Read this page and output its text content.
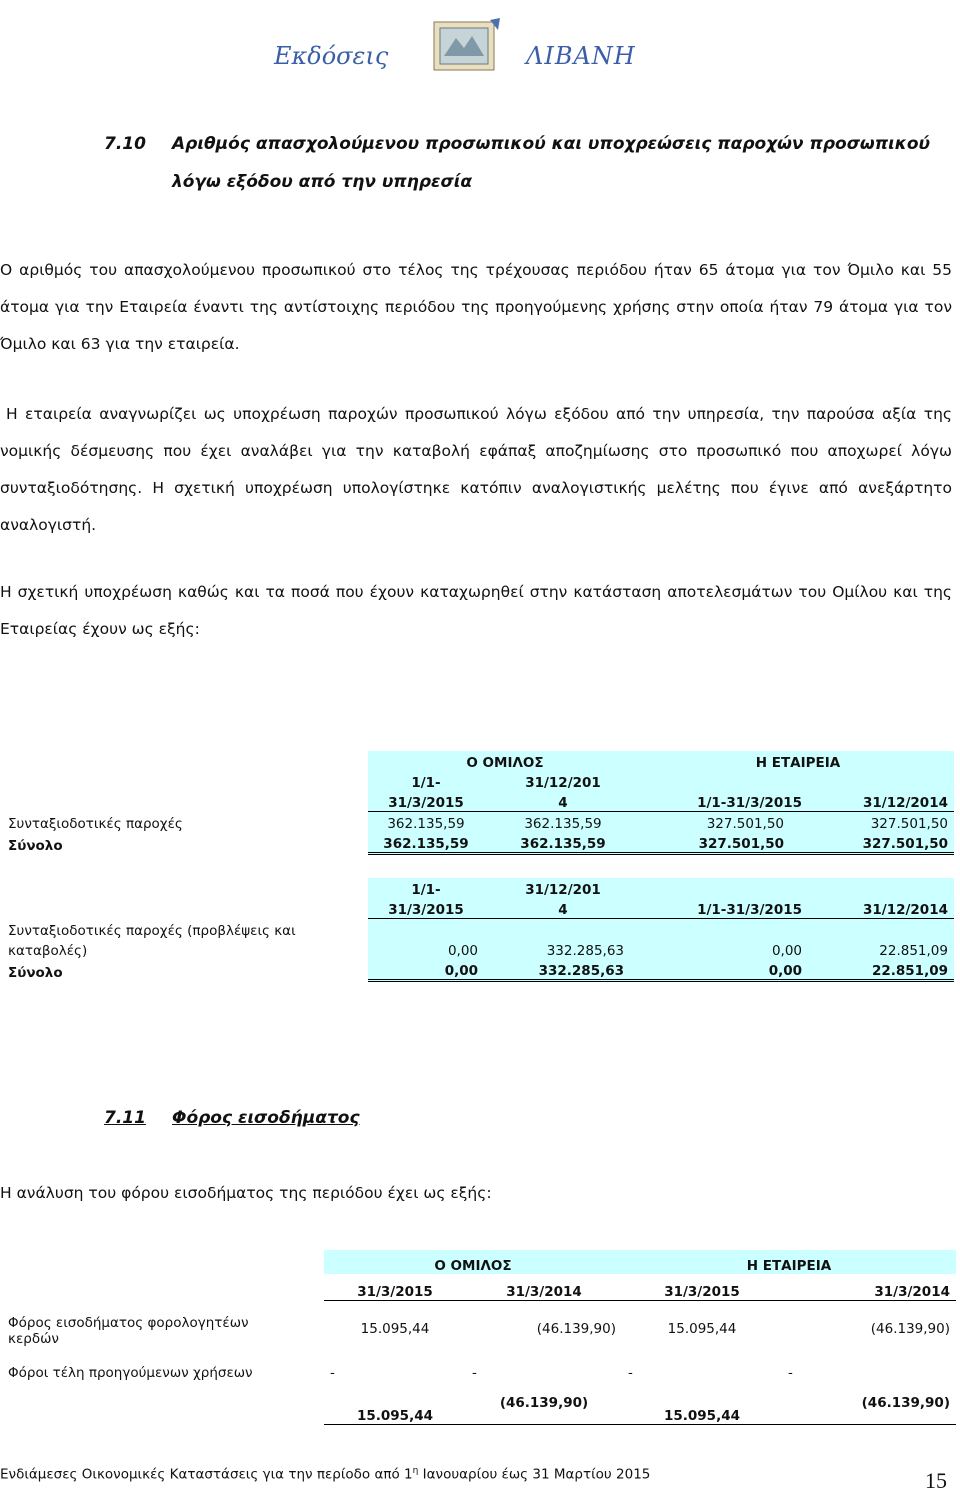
Εκδόσεις	ΛΙΒΑΝΗ
7.10 Αριθμός απασχολούμενου προσωπικού και υποχρεώσεις παροχών προσωπικού
λόγω εξόδου από την υπηρεσία

Ο αριθμός του απασχολούμενου προσωπικού στο τέλος της τρέχουσας περιόδου ήταν 65 άτομα για τον Όμιλο και 55 άτομα για την Εταιρεία έναντι της αντίστοιχης περιόδου της προηγούμενης χρήσης στην οποία ήταν 79 άτομα για τον Όμιλο και 63 για την εταιρεία.

Η εταιρεία αναγνωρίζει ως υποχρέωση παροχών προσωπικού λόγω εξόδου από την υπηρεσία, την παρούσα αξία της νομικής δέσμευσης που έχει αναλάβει για την καταβολή εφάπαξ αποζημίωσης στο προσωπικό που αποχωρεί λόγω συνταξιοδότησης. Η σχετική υποχρέωση υπολογίστηκε κατόπιν αναλογιστικής μελέτης που έγινε από ανεξάρτητο αναλογιστή.

Η σχετική υποχρέωση καθώς και τα ποσά που έχουν καταχωρηθεί στην κατάσταση αποτελεσμάτων του Ομίλου και της Εταιρείας έχουν ως εξής:

	Ο ΟΜΙΛΟΣ		Η ΕΤΑΙΡΕΙΑ	
	1/1-	31/12/201		
	31/3/2015	4	1/1-31/3/2015	31/12/2014
Συνταξιοδοτικές παροχές	362.135,59	362.135,59	327.501,50	327.501,50
Σύνολο	362.135,59	362.135,59	327.501,50	327.501,50
	1/1-	31/12/201		
	31/3/2015	4	1/1-31/3/2015	31/12/2014
Συνταξιοδοτικές παροχές (προβλέψεις και				
καταβολές)	0,00	332.285,63	0,00	22.851,09
Σύνολο	0,00	332.285,63	0,00	22.851,09
7.11 Φόρος εισοδήματος

Η ανάλυση του φόρου εισοδήματος της περιόδου έχει ως εξής:

	Ο ΟΜΙΛΟΣ		Η ΕΤΑΙΡΕΙΑ	
	31/3/2015	31/3/2014	31/3/2015	31/3/2014

Φόρος εισοδήματος φορολογητέων				
κερδών	15.095,44	(46.139,90)	15.095,44	(46.139,90)

Φόροι τέλη προηγούμενων χρήσεων	-	-	-	-

	15.095,44	(46.139,90)	15.095,44	(46.139,90)
Ενδιάμεσες Οικονομικές Καταστάσεις για την περίοδο από $1^\eta$ Ιανουαρίου έως 31 Μαρτίου 2015	15
